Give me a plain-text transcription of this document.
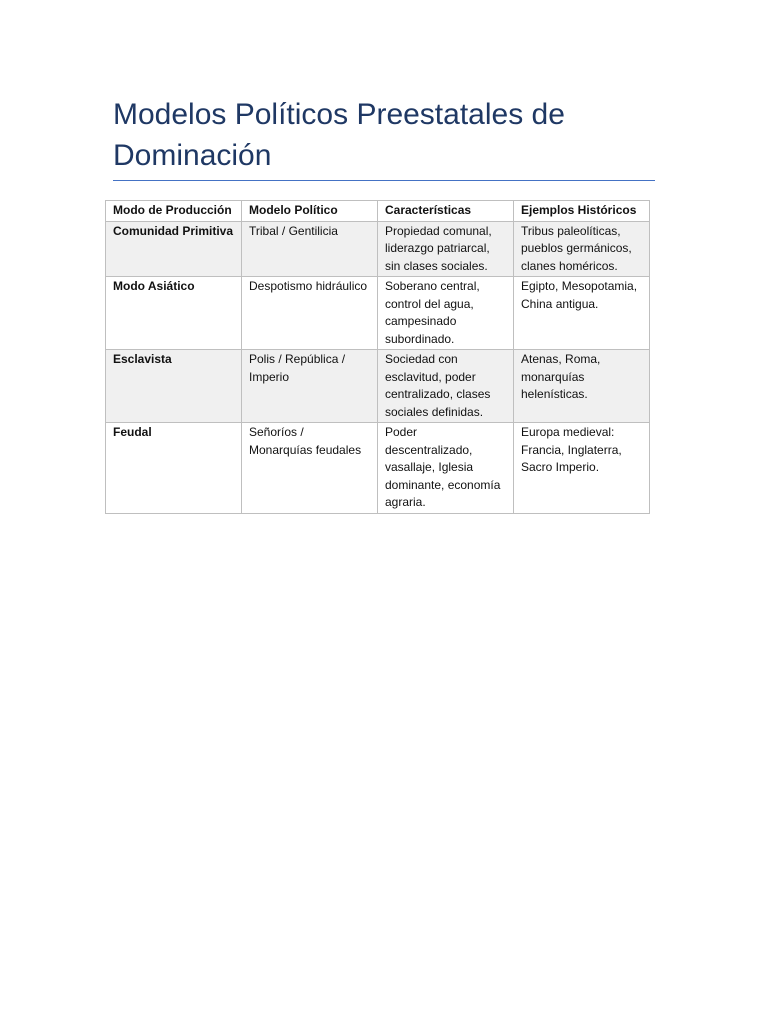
Modelos Políticos Preestatales de Dominación
Modo de Producción	Modelo Político	Características	Ejemplos Históricos
Comunidad Primitiva	Tribal / Gentilicia	Propiedad comunal, liderazgo patriarcal, sin clases sociales.	Tribus paleolíticas, pueblos germánicos, clanes homéricos.
Modo Asiático	Despotismo hidráulico	Soberano central, control del agua, campesinado subordinado.	Egipto, Mesopotamia, China antigua.
Esclavista	Polis / República / Imperio	Sociedad con esclavitud, poder centralizado, clases sociales definidas.	Atenas, Roma, monarquías helenísticas.
Feudal	Señoríos / Monarquías feudales	Poder descentralizado, vasallaje, Iglesia dominante, economía agraria.	Europa medieval: Francia, Inglaterra, Sacro Imperio.
